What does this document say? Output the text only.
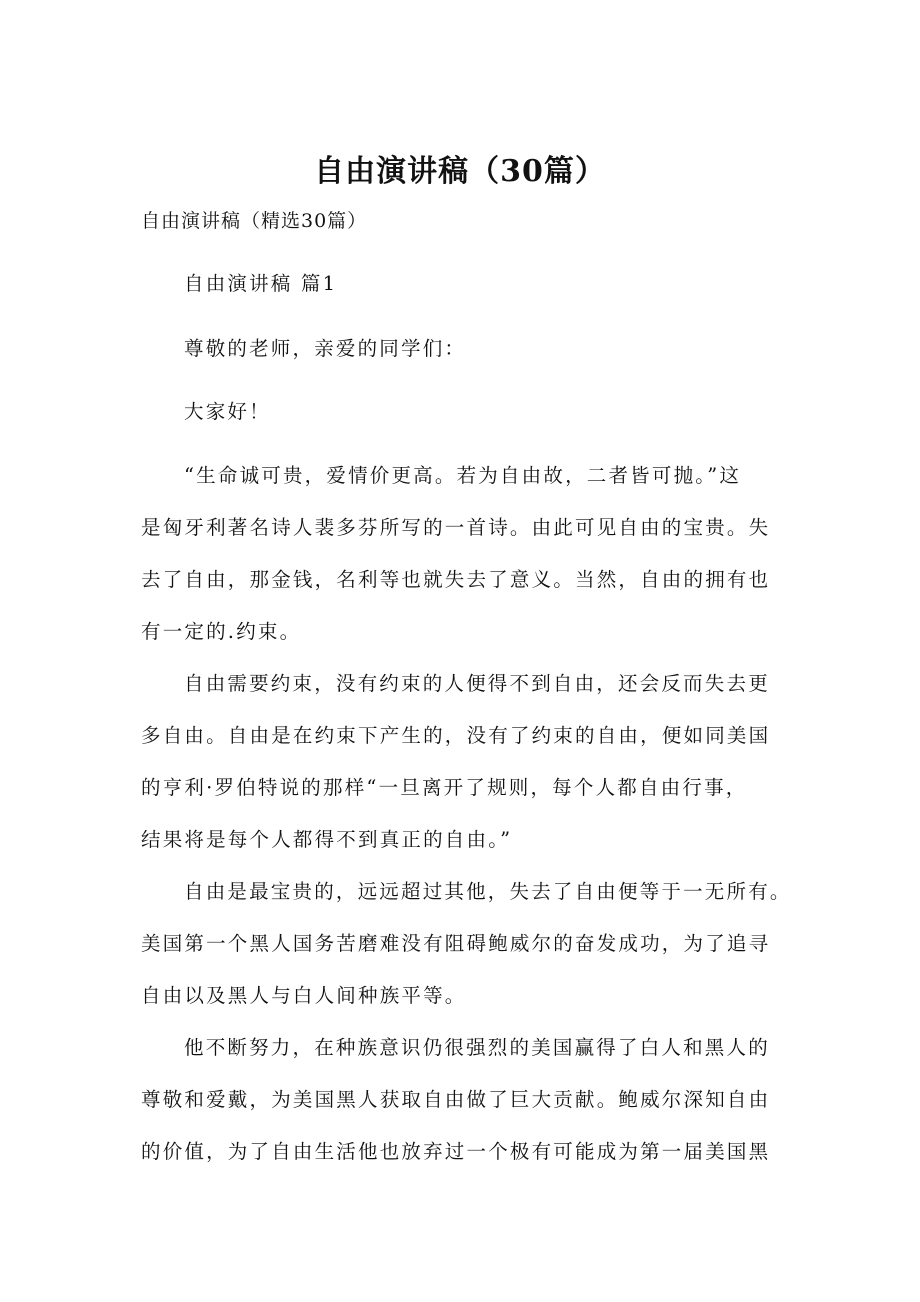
自由演讲稿（30篇）
自由演讲稿（精选30篇）
自由演讲稿 篇1
尊敬的老师，亲爱的同学们：
大家好！
“生命诚可贵，爱情价更高。若为自由故，二者皆可抛。”这
是匈牙利著名诗人裴多芬所写的一首诗。由此可见自由的宝贵。失
去了自由，那金钱，名利等也就失去了意义。当然，自由的拥有也
有一定的.约束。
自由需要约束，没有约束的人便得不到自由，还会反而失去更
多自由。自由是在约束下产生的，没有了约束的自由，便如同美国
的亨利·罗伯特说的那样“一旦离开了规则，每个人都自由行事，
结果将是每个人都得不到真正的自由。”
自由是最宝贵的，远远超过其他，失去了自由便等于一无所有。
美国第一个黑人国务苦磨难没有阻碍鲍威尔的奋发成功，为了追寻
自由以及黑人与白人间种族平等。
他不断努力，在种族意识仍很强烈的美国赢得了白人和黑人的
尊敬和爱戴，为美国黑人获取自由做了巨大贡献。鲍威尔深知自由
的价值，为了自由生活他也放弃过一个极有可能成为第一届美国黑
